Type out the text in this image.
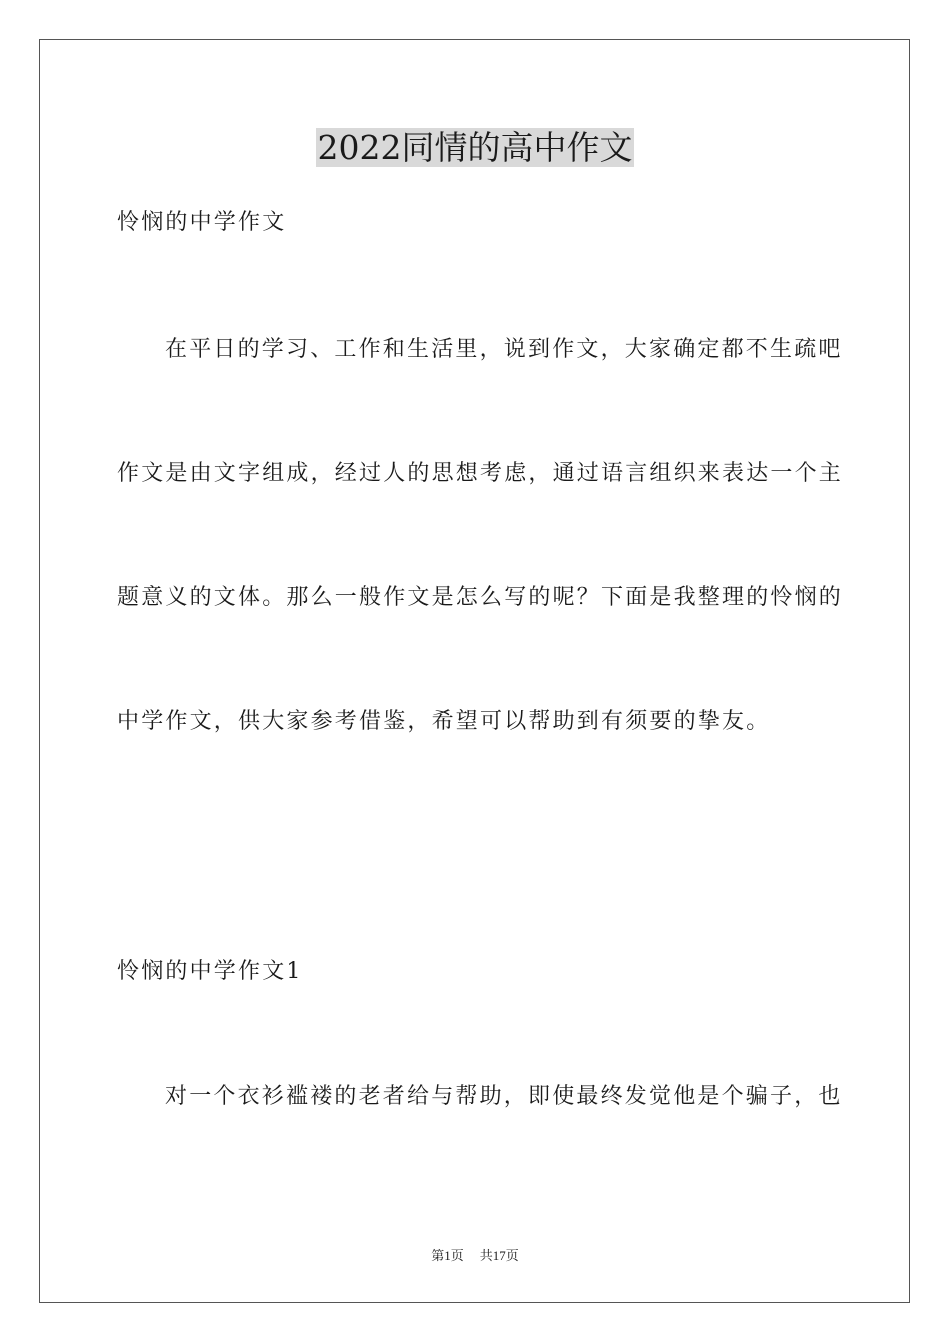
2022同情的高中作文
怜悯的中学作文
在平日的学习、工作和生活里，说到作文，大家确定都不生疏吧
作文是由文字组成，经过人的思想考虑，通过语言组织来表达一个主
题意义的文体。那么一般作文是怎么写的呢？下面是我整理的怜悯的
中学作文，供大家参考借鉴，希望可以帮助到有须要的挚友。
怜悯的中学作文1
对一个衣衫褴褛的老者给与帮助，即使最终发觉他是个骗子，也
第1页 共17页
